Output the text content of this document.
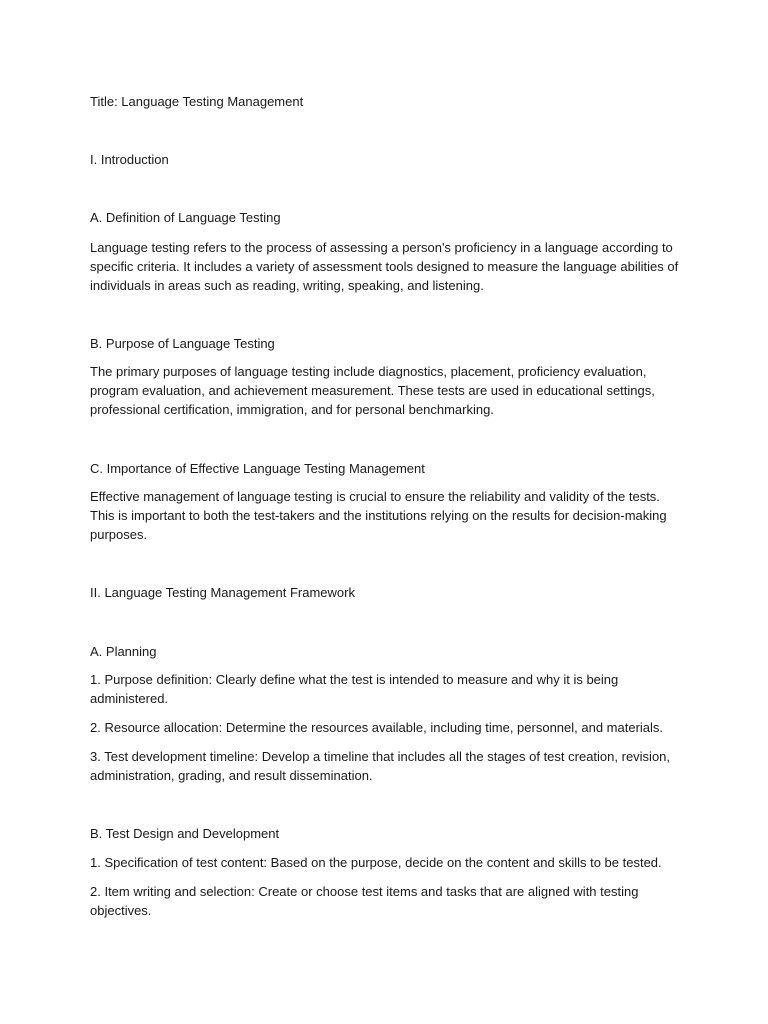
Title: Language Testing Management

I. Introduction

A. Definition of Language Testing

Language testing refers to the process of assessing a person's proficiency in a language according to specific criteria. It includes a variety of assessment tools designed to measure the language abilities of individuals in areas such as reading, writing, speaking, and listening.

B. Purpose of Language Testing

The primary purposes of language testing include diagnostics, placement, proficiency evaluation, program evaluation, and achievement measurement. These tests are used in educational settings, professional certification, immigration, and for personal benchmarking.

C. Importance of Effective Language Testing Management

Effective management of language testing is crucial to ensure the reliability and validity of the tests. This is important to both the test-takers and the institutions relying on the results for decision-making purposes.

II. Language Testing Management Framework

A. Planning

1. Purpose definition: Clearly define what the test is intended to measure and why it is being administered.

2. Resource allocation: Determine the resources available, including time, personnel, and materials.

3. Test development timeline: Develop a timeline that includes all the stages of test creation, revision, administration, grading, and result dissemination.

B. Test Design and Development

1. Specification of test content: Based on the purpose, decide on the content and skills to be tested.

2. Item writing and selection: Create or choose test items and tasks that are aligned with testing objectives.
